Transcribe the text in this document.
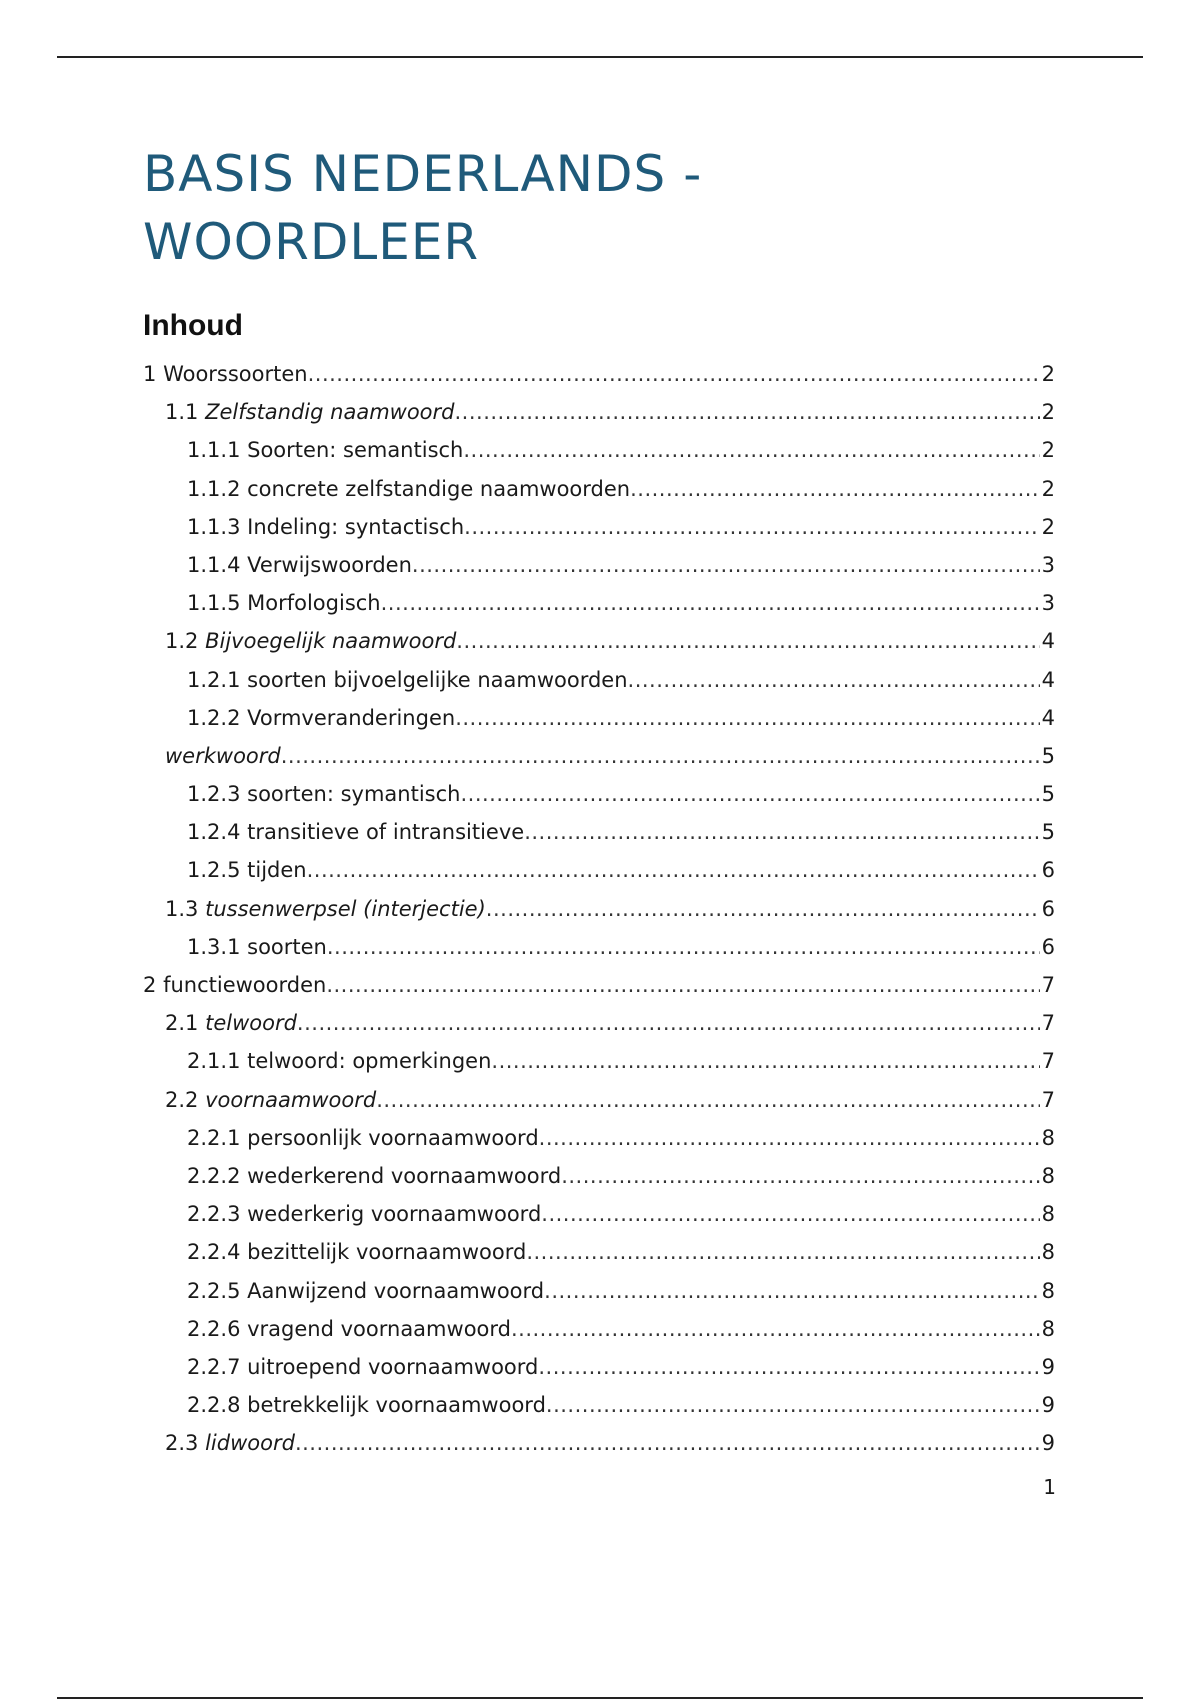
BASIS NEDERLANDS -
WOORDLEER
Inhoud
1 Woorssoorten .....	2
1.1 Zelfstandig naamwoord .....	2
1.1.1 Soorten: semantisch .....	2
1.1.2 concrete zelfstandige naamwoorden .....	2
1.1.3 Indeling: syntactisch .....	2
1.1.4 Verwijswoorden .....	3
1.1.5 Morfologisch .....	3
1.2 Bijvoegelijk naamwoord .....	4
1.2.1 soorten bijvoelgelijke naamwoorden .....	4
1.2.2 Vormveranderingen .....	4
werkwoord .....	5
1.2.3 soorten: symantisch .....	5
1.2.4 transitieve of intransitieve .....	5
1.2.5 tijden .....	6
1.3 tussenwerpsel (interjectie) .....	6
1.3.1 soorten .....	6
2 functiewoorden .....	7
2.1 telwoord .....	7
2.1.1 telwoord: opmerkingen .....	7
2.2 voornaamwoord .....	7
2.2.1 persoonlijk voornaamwoord .....	8
2.2.2 wederkerend voornaamwoord .....	8
2.2.3 wederkerig voornaamwoord .....	8
2.2.4 bezittelijk voornaamwoord .....	8
2.2.5 Aanwijzend voornaamwoord .....	8
2.2.6 vragend voornaamwoord .....	8
2.2.7 uitroepend voornaamwoord .....	9
2.2.8 betrekkelijk voornaamwoord .....	9
2.3 lidwoord .....	9
1
